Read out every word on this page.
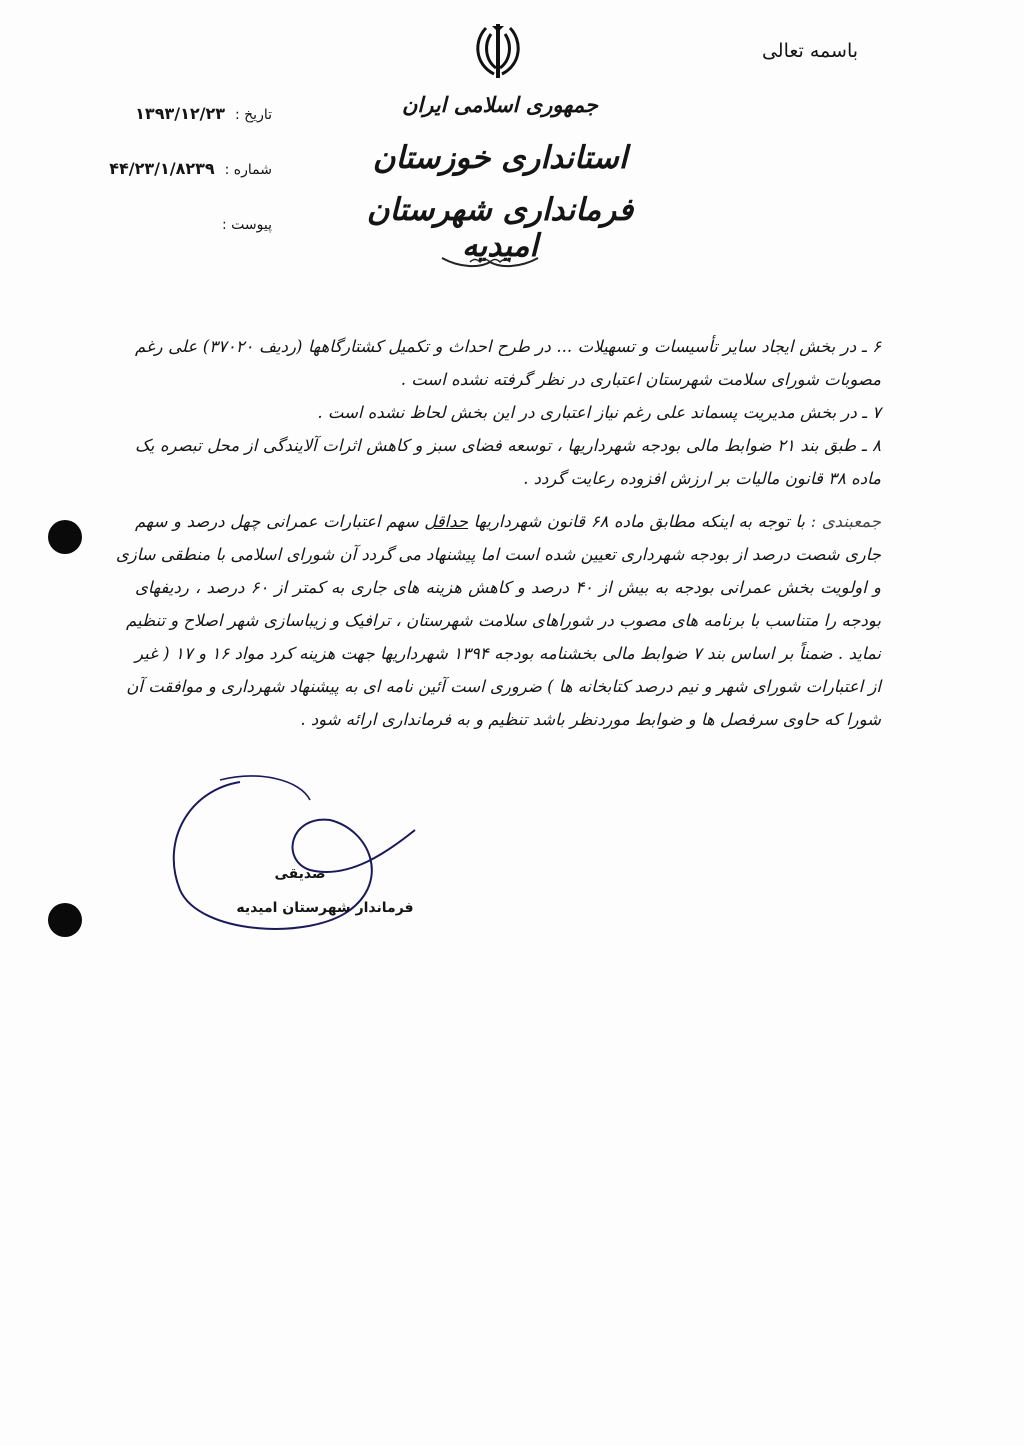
باسمه تعالی
جمهوری اسلامی ایران
استانداری خوزستان
فرمانداری شهرستان امیدیه
تاریخ :
۱۳۹۳/۱۲/۲۳
شماره :
۴۴/۲۳/۱/۸۲۳۹
پیوست :
۶ ـ در بخش ایجاد سایر تأسیسات و تسهیلات ... در طرح احداث و تکمیل کشتارگاهها (ردیف ۳۷۰۲۰) علی رغم
مصوبات شورای سلامت شهرستان اعتباری در نظر گرفته نشده است .
۷ ـ در بخش مدیریت پسماند علی رغم نیاز اعتباری در این بخش لحاظ نشده است .
۸ ـ طبق بند ۲۱ ضوابط مالی بودجه شهرداریها ، توسعه فضای سبز و کاهش اثرات آلایندگی از محل تبصره یک
ماده ۳۸ قانون مالیات بر ارزش افزوده رعایت گردد .
جمعبندی : با توجه به اینکه مطابق ماده ۶۸ قانون شهرداریها حداقل سهم اعتبارات عمرانی چهل درصد و سهم
جاری شصت درصد از بودجه شهرداری تعیین شده است اما پیشنهاد می گردد آن شورای اسلامی با منطقی سازی
و اولویت بخش عمرانی بودجه به بیش از ۴۰ درصد و کاهش هزینه های جاری به کمتر از ۶۰ درصد ، ردیفهای
بودجه را متناسب با برنامه های مصوب در شوراهای سلامت شهرستان ، ترافیک و زیباسازی شهر اصلاح و تنظیم
نماید . ضمناً بر اساس بند ۷ ضوابط مالی بخشنامه بودجه ۱۳۹۴ شهرداریها جهت هزینه کرد مواد ۱۶ و ۱۷ ( غیر
از اعتبارات شورای شهر و نیم درصد کتابخانه ها ) ضروری است آئین نامه ای به پیشنهاد شهرداری و موافقت آن
شورا که حاوی سرفصل ها و ضوابط موردنظر باشد تنظیم و به فرمانداری ارائه شود .
صدیقی
فرماندار شهرستان امیدیه
